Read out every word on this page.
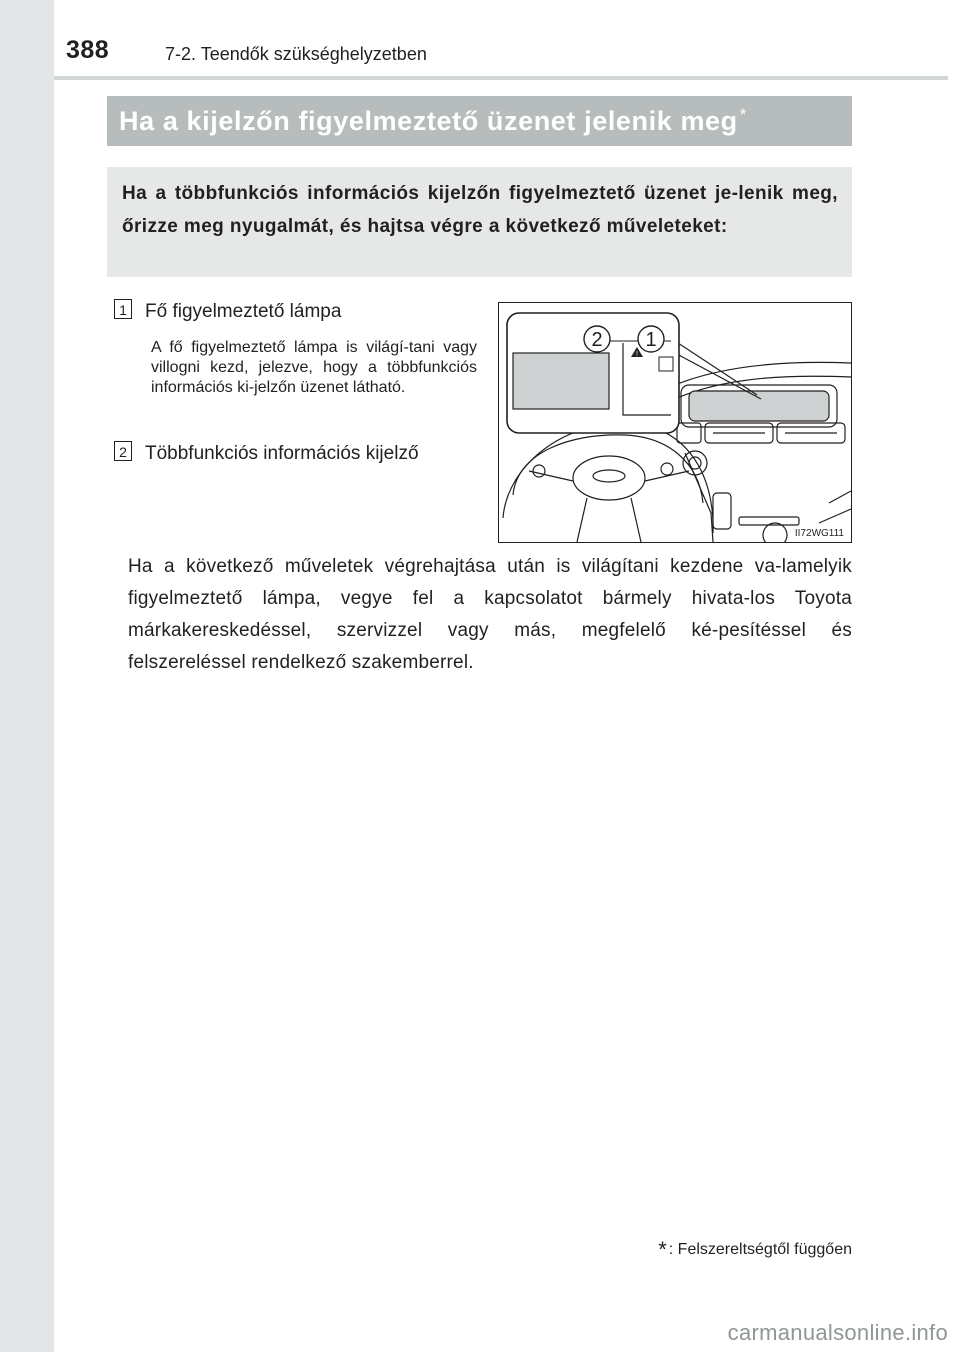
388	7-2. Teendők szükséghelyzetben
Ha a kijelzőn figyelmeztető üzenet jelenik meg *
Ha a többfunkciós információs kijelzőn figyelmeztető üzenet je-lenik meg, őrizze meg nyugalmát, és hajtsa végre a következő műveleteket:
1 Fő figyelmeztető lámpa
A fő figyelmeztető lámpa is világí-tani vagy villogni kezd, jelezve, hogy a többfunkciós információs ki-jelzőn üzenet látható.
2 Többfunkciós információs kijelző
!
2 1
II72WG111
Ha a következő műveletek végrehajtása után is világítani kezdene va-lamelyik figyelmeztető lámpa, vegye fel a kapcsolatot bármely hivata-los Toyota márkakereskedéssel, szervizzel vagy más, megfelelő ké-pesítéssel és felszereléssel rendelkező szakemberrel.
* : Felszereltségtől függően
carmanualsonline.info
